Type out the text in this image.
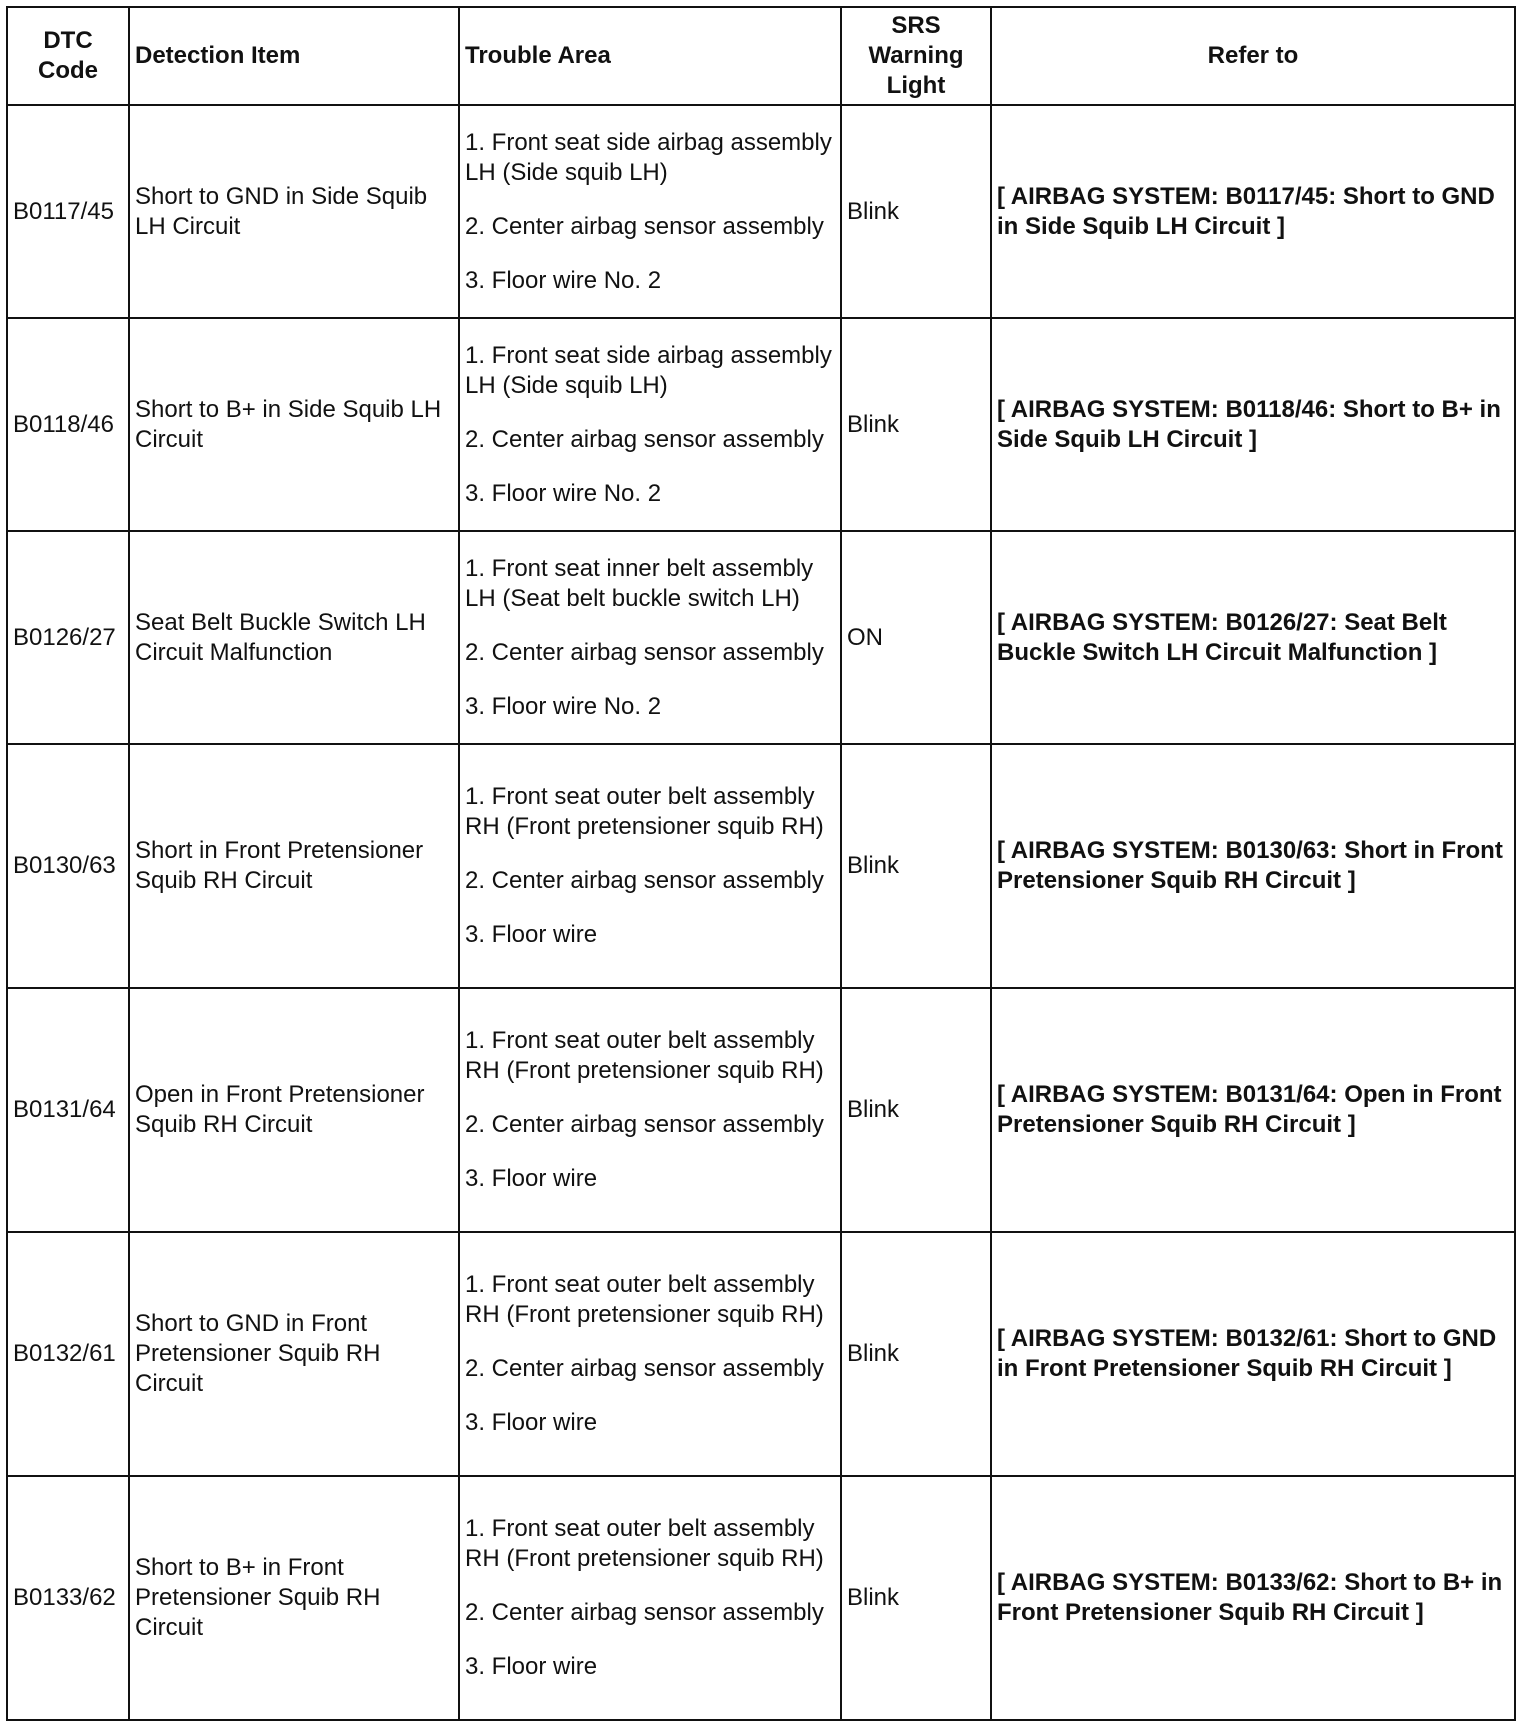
DTC
Code	Detection Item	Trouble Area	SRS
Warning
Light	Refer to
B0117/45	Short to GND in Side Squib LH Circuit	1. Front seat side airbag assembly LH (Side squib LH)
2. Center airbag sensor assembly
3. Floor wire No. 2	Blink	[ AIRBAG SYSTEM: B0117/45: Short to GND in Side Squib LH Circuit ]
B0118/46	Short to B+ in Side Squib LH Circuit	1. Front seat side airbag assembly LH (Side squib LH)
2. Center airbag sensor assembly
3. Floor wire No. 2	Blink	[ AIRBAG SYSTEM: B0118/46: Short to B+ in Side Squib LH Circuit ]
B0126/27	Seat Belt Buckle Switch LH Circuit Malfunction	1. Front seat inner belt assembly LH (Seat belt buckle switch LH)
2. Center airbag sensor assembly
3. Floor wire No. 2	ON	[ AIRBAG SYSTEM: B0126/27: Seat Belt Buckle Switch LH Circuit Malfunction ]
B0130/63	Short in Front Pretensioner Squib RH Circuit	1. Front seat outer belt assembly RH (Front pretensioner squib RH)
2. Center airbag sensor assembly
3. Floor wire	Blink	[ AIRBAG SYSTEM: B0130/63: Short in Front Pretensioner Squib RH Circuit ]
B0131/64	Open in Front Pretensioner Squib RH Circuit	1. Front seat outer belt assembly RH (Front pretensioner squib RH)
2. Center airbag sensor assembly
3. Floor wire	Blink	[ AIRBAG SYSTEM: B0131/64: Open in Front Pretensioner Squib RH Circuit ]
B0132/61	Short to GND in Front Pretensioner Squib RH Circuit	1. Front seat outer belt assembly RH (Front pretensioner squib RH)
2. Center airbag sensor assembly
3. Floor wire	Blink	[ AIRBAG SYSTEM: B0132/61: Short to GND in Front Pretensioner Squib RH Circuit ]
B0133/62	Short to B+ in Front Pretensioner Squib RH Circuit	1. Front seat outer belt assembly RH (Front pretensioner squib RH)
2. Center airbag sensor assembly
3. Floor wire	Blink	[ AIRBAG SYSTEM: B0133/62: Short to B+ in Front Pretensioner Squib RH Circuit ]
